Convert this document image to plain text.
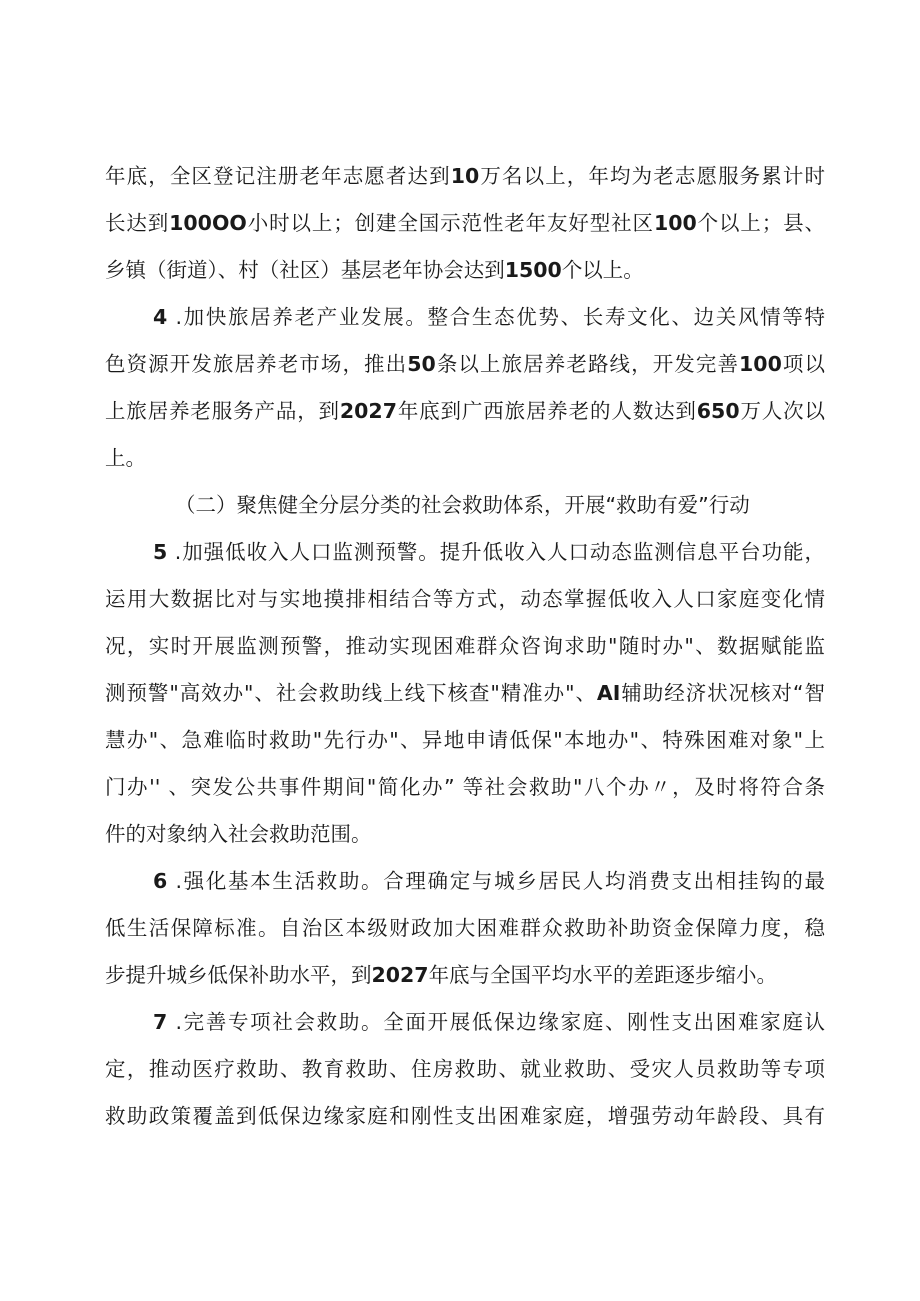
年底，全区登记注册老年志愿者达到10万名以上，年均为老志愿服务累计时
长达到100OO小时以上；创建全国示范性老年友好型社区100个以上；县、
乡镇（街道）、村（社区）基层老年协会达到1500个以上。
4 .加快旅居养老产业发展。整合生态优势、长寿文化、边关风情等特
色资源开发旅居养老市场，推出50条以上旅居养老路线，开发完善100项以
上旅居养老服务产品，到2027年底到广西旅居养老的人数达到650万人次以
上。
（二）聚焦健全分层分类的社会救助体系，开展“救助有爱”行动
5 .加强低收入人口监测预警。提升低收入人口动态监测信息平台功能，
运用大数据比对与实地摸排相结合等方式，动态掌握低收入人口家庭变化情
况，实时开展监测预警，推动实现困难群众咨询求助"随时办"、数据赋能监
测预警"高效办"、社会救助线上线下核查"精准办"、AI辅助经济状况核对“智
慧办"、急难临时救助"先行办"、异地申请低保"本地办"、特殊困难对象"上
门办'' 、突发公共事件期间"简化办” 等社会救助"八个办〃，及时将符合条
件的对象纳入社会救助范围。
6 .强化基本生活救助。合理确定与城乡居民人均消费支出相挂钩的最
低生活保障标准。自治区本级财政加大困难群众救助补助资金保障力度，稳
步提升城乡低保补助水平，到2027年底与全国平均水平的差距逐步缩小。
7 .完善专项社会救助。全面开展低保边缘家庭、刚性支出困难家庭认
定，推动医疗救助、教育救助、住房救助、就业救助、受灾人员救助等专项
救助政策覆盖到低保边缘家庭和刚性支出困难家庭，增强劳动年龄段、具有
